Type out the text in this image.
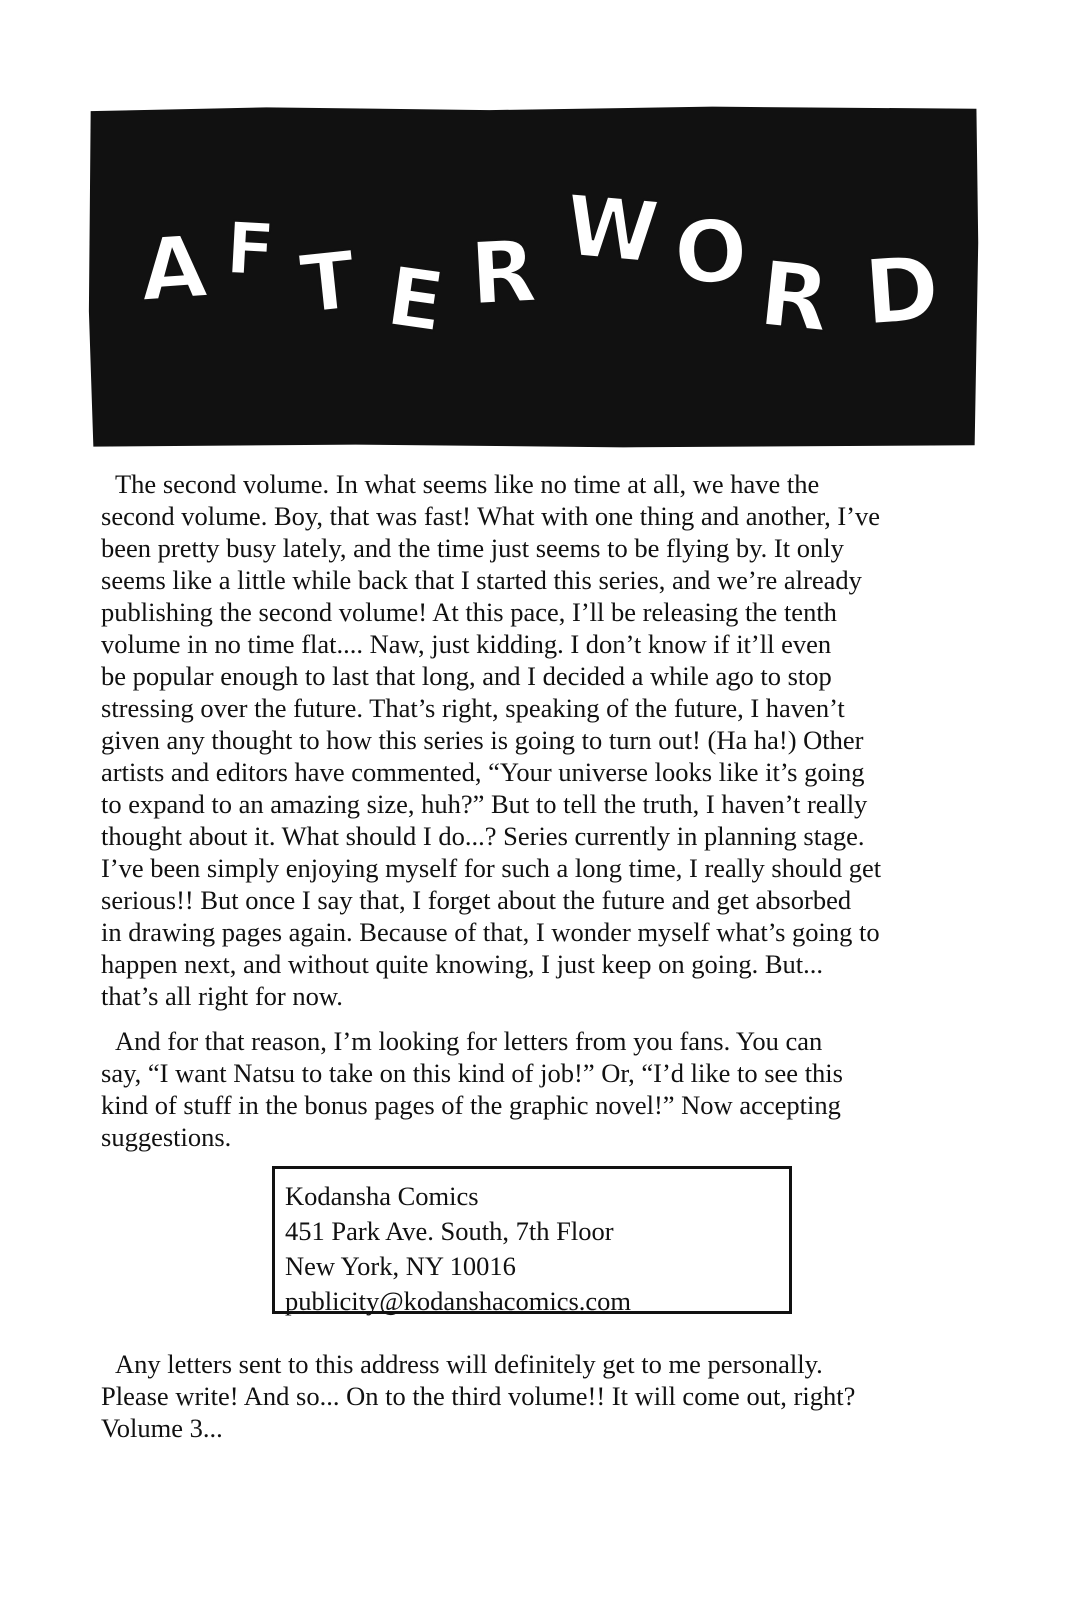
A F T E R W O R D

The second volume. In what seems like no time at all, we have the
second volume. Boy, that was fast! What with one thing and another, I’ve
been pretty busy lately, and the time just seems to be flying by. It only
seems like a little while back that I started this series, and we’re already
publishing the second volume! At this pace, I’ll be releasing the tenth
volume in no time flat.... Naw, just kidding. I don’t know if it’ll even
be popular enough to last that long, and I decided a while ago to stop
stressing over the future. That’s right, speaking of the future, I haven’t
given any thought to how this series is going to turn out! (Ha ha!) Other
artists and editors have commented, “Your universe looks like it’s going
to expand to an amazing size, huh?” But to tell the truth, I haven’t really
thought about it. What should I do...? Series currently in planning stage.
I’ve been simply enjoying myself for such a long time, I really should get
serious!! But once I say that, I forget about the future and get absorbed
in drawing pages again. Because of that, I wonder myself what’s going to
happen next, and without quite knowing, I just keep on going. But...
that’s all right for now.

And for that reason, I’m looking for letters from you fans. You can
say, “I want Natsu to take on this kind of job!” Or, “I’d like to see this
kind of stuff in the bonus pages of the graphic novel!” Now accepting
suggestions.

Kodansha Comics
451 Park Ave. South, 7th Floor
New York, NY 10016
publicity@kodanshacomics.com

Any letters sent to this address will definitely get to me personally.
Please write! And so... On to the third volume!! It will come out, right?
Volume 3...
